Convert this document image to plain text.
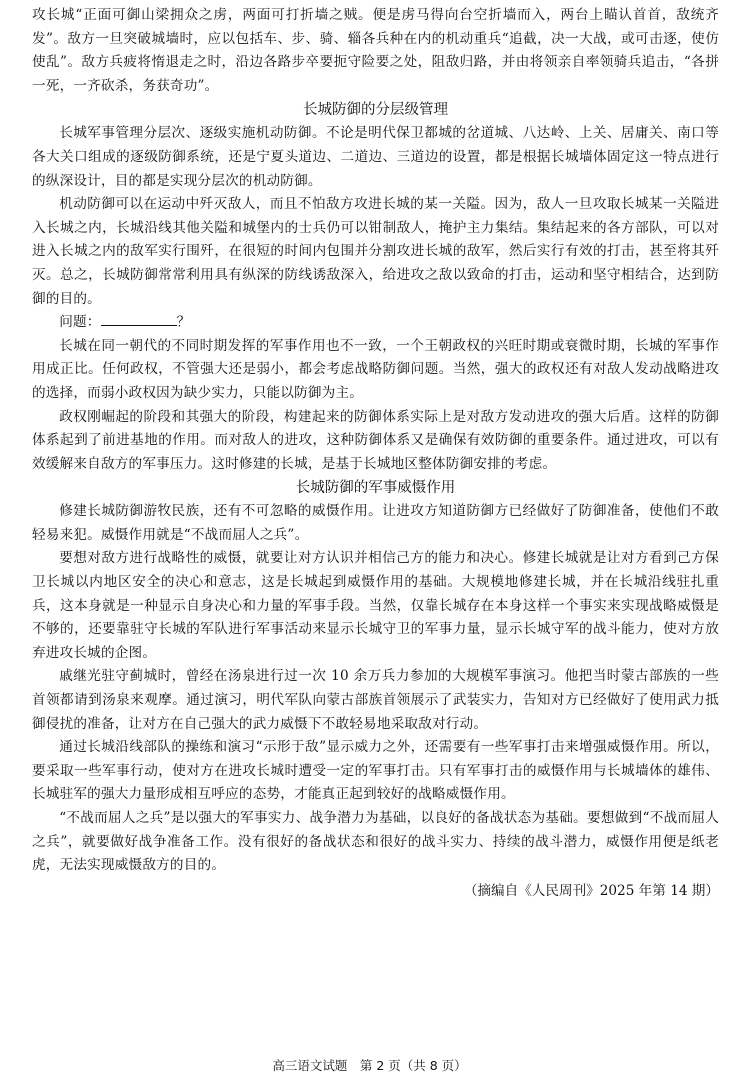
攻长城“正面可御山梁拥众之虏，两面可打折墙之贼。便是虏马得向台空折墙而入，两台上瞄认首首，敌统齐发”。敌方一旦突破城墙时，应以包括车、步、骑、辎各兵种在内的机动重兵“追截，决一大战，或可击逐，使仿使乱”。敌方兵疲将惰退走之时，沿边各路步卒要扼守险要之处，阻敌归路，并由将领亲自率领骑兵追击，“各拼一死，一齐砍杀，务获奇功”。

长城防御的分层级管理

长城军事管理分层次、逐级实施机动防御。不论是明代保卫都城的岔道城、八达岭、上关、居庸关、南口等各大关口组成的逐级防御系统，还是宁夏头道边、二道边、三道边的设置，都是根据长城墙体固定这一特点进行的纵深设计，目的都是实现分层次的机动防御。

机动防御可以在运动中歼灭敌人，而且不怕敌方攻进长城的某一关隘。因为，敌人一旦攻取长城某一关隘进入长城之内，长城沿线其他关隘和城堡内的士兵仍可以钳制敌人，掩护主力集结。集结起来的各方部队，可以对进入长城之内的敌军实行围歼，在很短的时间内包围并分割攻进长城的敌军，然后实行有效的打击，甚至将其歼灭。总之，长城防御常常利用具有纵深的防线诱敌深入，给进攻之敌以致命的打击，运动和坚守相结合，达到防御的目的。

问题：	？

长城在同一朝代的不同时期发挥的军事作用也不一致，一个王朝政权的兴旺时期或衰微时期，长城的军事作用成正比。任何政权，不管强大还是弱小，都会考虑战略防御问题。当然，强大的政权还有对敌人发动战略进攻的选择，而弱小政权因为缺少实力，只能以防御为主。

政权刚崛起的阶段和其强大的阶段，构建起来的防御体系实际上是对敌方发动进攻的强大后盾。这样的防御体系起到了前进基地的作用。而对敌人的进攻，这种防御体系又是确保有效防御的重要条件。通过进攻，可以有效缓解来自敌方的军事压力。这时修建的长城，是基于长城地区整体防御安排的考虑。

长城防御的军事威慑作用

修建长城防御游牧民族，还有不可忽略的威慑作用。让进攻方知道防御方已经做好了防御准备，使他们不敢轻易来犯。威慑作用就是“不战而屈人之兵”。

要想对敌方进行战略性的威慑，就要让对方认识并相信己方的能力和决心。修建长城就是让对方看到己方保卫长城以内地区安全的决心和意志，这是长城起到威慑作用的基础。大规模地修建长城，并在长城沿线驻扎重兵，这本身就是一种显示自身决心和力量的军事手段。当然，仅靠长城存在本身这样一个事实来实现战略威慑是不够的，还要靠驻守长城的军队进行军事活动来显示长城守卫的军事力量，显示长城守军的战斗能力，使对方放弃进攻长城的企图。

戚继光驻守蓟城时，曾经在汤泉进行过一次 10 余万兵力参加的大规模军事演习。他把当时蒙古部族的一些首领都请到汤泉来观摩。通过演习，明代军队向蒙古部族首领展示了武装实力，告知对方已经做好了使用武力抵御侵扰的准备，让对方在自己强大的武力威慑下不敢轻易地采取敌对行动。

通过长城沿线部队的操练和演习“示形于敌”显示威力之外，还需要有一些军事打击来增强威慑作用。所以，要采取一些军事行动，使对方在进攻长城时遭受一定的军事打击。只有军事打击的威慑作用与长城墙体的雄伟、长城驻军的强大力量形成相互呼应的态势，才能真正起到较好的战略威慑作用。

“不战而屈人之兵”是以强大的军事实力、战争潜力为基础，以良好的备战状态为基础。要想做到“不战而屈人之兵”，就要做好战争准备工作。没有很好的备战状态和很好的战斗实力、持续的战斗潜力，威慑作用便是纸老虎，无法实现威慑敌方的目的。

（摘编自《人民周刊》2025 年第 14 期）

高三语文试题　第 2 页（共 8 页）
